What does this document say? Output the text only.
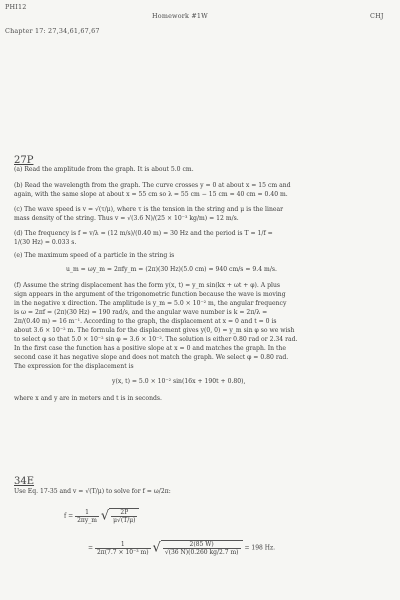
PHI12
Homework #1W	CHJ
Chapter 17: 27,34,61,67,67
27P
(a) Read the amplitude from the graph. It is about 5.0 cm.
(b) Read the wavelength from the graph. The curve crosses y = 0 at about x = 15 cm and
again, with the same slope at about x = 55 cm so λ = 55 cm − 15 cm = 40 cm = 0.40 m.
(c) The wave speed is v = √(τ/μ), where τ is the tension in the string and μ is the linear
mass density of the string. Thus v = √(3.6 N)/(25 × 10⁻³ kg/m) = 12 m/s.
(d) The frequency is f = v/λ = (12 m/s)/(0.40 m) = 30 Hz and the period is T = 1/f =
1/(30 Hz) = 0.033 s.
(e) The maximum speed of a particle in the string is
u_m = ωy_m = 2πfy_m = (2π)(30 Hz)(5.0 cm) = 940 cm/s = 9.4 m/s.
(f) Assume the string displacement has the form y(x, t) = y_m sin(kx + ωt + φ). A plus
sign appears in the argument of the trigonometric function because the wave is moving
in the negative x direction. The amplitude is y_m = 5.0 × 10⁻² m, the angular frequency
is ω = 2πf = (2π)(30 Hz) = 190 rad/s, and the angular wave number is k = 2π/λ =
2π/(0.40 m) = 16 m⁻¹. According to the graph, the displacement at x = 0 and t = 0 is
about 3.6 × 10⁻² m. The formula for the displacement gives y(0, 0) = y_m sin φ so we wish
to select φ so that 5.0 × 10⁻² sin φ = 3.6 × 10⁻². The solution is either 0.80 rad or 2.34 rad.
In the first case the function has a positive slope at x = 0 and matches the graph. In the
second case it has negative slope and does not match the graph. We select φ = 0.80 rad.
The expression for the displacement is
y(x, t) = 5.0 × 10⁻² sin(16x + 190t + 0.80),
where x and y are in meters and t is in seconds.
34E
Use Eq. 17-35 and v = √(T/μ) to solve for f = ω/2π:
$f = \frac{1}{2\pi y\_m}$ √ $\frac{2P}{\mu√(T/\mu)}$
= $\frac{1}{\text{2π(7.7 × 10⁻³ m)}}$ √ $\frac{2(85 W)}{√(36 N)(0.260 kg/2.7 m)} = 198$ Hz.
